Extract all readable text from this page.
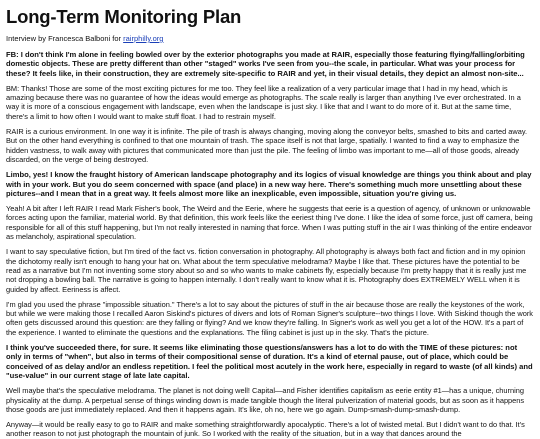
Long-Term Monitoring Plan
Interview by Francesca Balboni for rairphilly.org

FB: I don't think I'm alone in feeling bowled over by the exterior photographs you made at RAIR, especially those featuring flying/falling/orbiting domestic objects. These are pretty different than other "staged" works I've seen from you--the scale, in particular. What was your process for these? It feels like, in their construction, they are extremely site-specific to RAIR and yet, in their visual details, they depict an almost non-site...

BM: Thanks! Those are some of the most exciting pictures for me too. They feel like a realization of a very particular image that I had in my head, which is amazing because there was no guarantee of how the ideas would emerge as photographs. The scale really is larger than anything I've ever orchestrated. In a way it is more of a conscious engagement with landscape, even when the landscape is just sky. I like that and I want to do more of it. But at the same time, there's a limit to how often I would want to make stuff float. I had to restrain myself.

RAIR is a curious environment. In one way it is infinite. The pile of trash is always changing, moving along the conveyor belts, smashed to bits and carted away. But on the other hand everything is confined to that one mountain of trash. The space itself is not that large, spatially. I wanted to find a way to emphasize the hidden vastness, to walk away with pictures that communicated more than just the pile. The feeling of limbo was important to me—all of those goods, already discarded, on the verge of being destroyed.

Limbo, yes! I know the fraught history of American landscape photography and its logics of visual knowledge are things you think about and play with in your work. But you do seem concerned with space (and place) in a new way here. There's something much more unsettling about these pictures--and I mean that in a great way. It feels almost more like an inexplicable, even impossible, situation you're giving us.

Yeah! A bit after I left RAIR I read Mark Fisher's book, The Weird and the Eerie, where he suggests that eerie is a question of agency, of unknown or unknowable forces acting upon the familiar, material world. By that definition, this work feels like the eeriest thing I've done. I like the idea of some force, just off camera, being responsible for all of this stuff happening, but I'm not really interested in naming that force. When I was putting stuff in the air I was thinking of the entire endeavor as melancholy, aspirational speculation.

I want to say speculative fiction, but I'm tired of the fact vs. fiction conversation in photography. All photography is always both fact and fiction and in my opinion the dichotomy really isn't enough to hang your hat on. What about the term speculative melodrama? Maybe I like that. These pictures have the potential to be read as a narrative but I'm not inventing some story about so and so who wants to make cabinets fly, especially because I'm pretty happy that it is really just me not dropping a bowling ball. The narrative is going to happen internally. I don't really want to know what it is. Photography does EXTREMELY WELL when it is guided by affect. Eeriness is affect.

I'm glad you used the phrase "impossible situation." There's a lot to say about the pictures of stuff in the air because those are really the keystones of the work, but while we were making those I recalled Aaron Siskind's pictures of divers and lots of Roman Signer's sculpture--two things I love. With Siskind though the work often gets discussed around this question: are they falling or flying? And we know they're falling. In Signer's work as well you get a lot of the HOW. It's a part of the experience. I wanted to eliminate the questions and the explanations. The filing cabinet is just up in the sky. That's the picture.

I think you've succeeded there, for sure. It seems like eliminating those questions/answers has a lot to do with the TIME of these pictures: not only in terms of "when", but also in terms of their compositional sense of duration. It's a kind of eternal pause, out of place, which could be conceived of as delay and/or an endless repetition. I feel the political most acutely in the work here, especially in regard to waste (of all kinds) and "use-value" in our current stage of late late capital.

Well maybe that's the speculative melodrama. The planet is not doing well! Capital—and Fisher identifies capitalism as eerie entity #1—has a unique, churning physicality at the dump. A perpetual sense of things winding down is made tangible though the literal pulverization of material goods, but as soon as it happens those goods are just immediately replaced. And then it happens again. It's like, oh no, here we go again. Dump-smash-dump-smash-dump.

Anyway—it would be really easy to go to RAIR and make something straightforwardly apocalyptic. There's a lot of twisted metal. But I didn't want to do that. It's another reason to not just photograph the mountain of junk. So I worked with the reality of the situation, but in a way that dances around the
